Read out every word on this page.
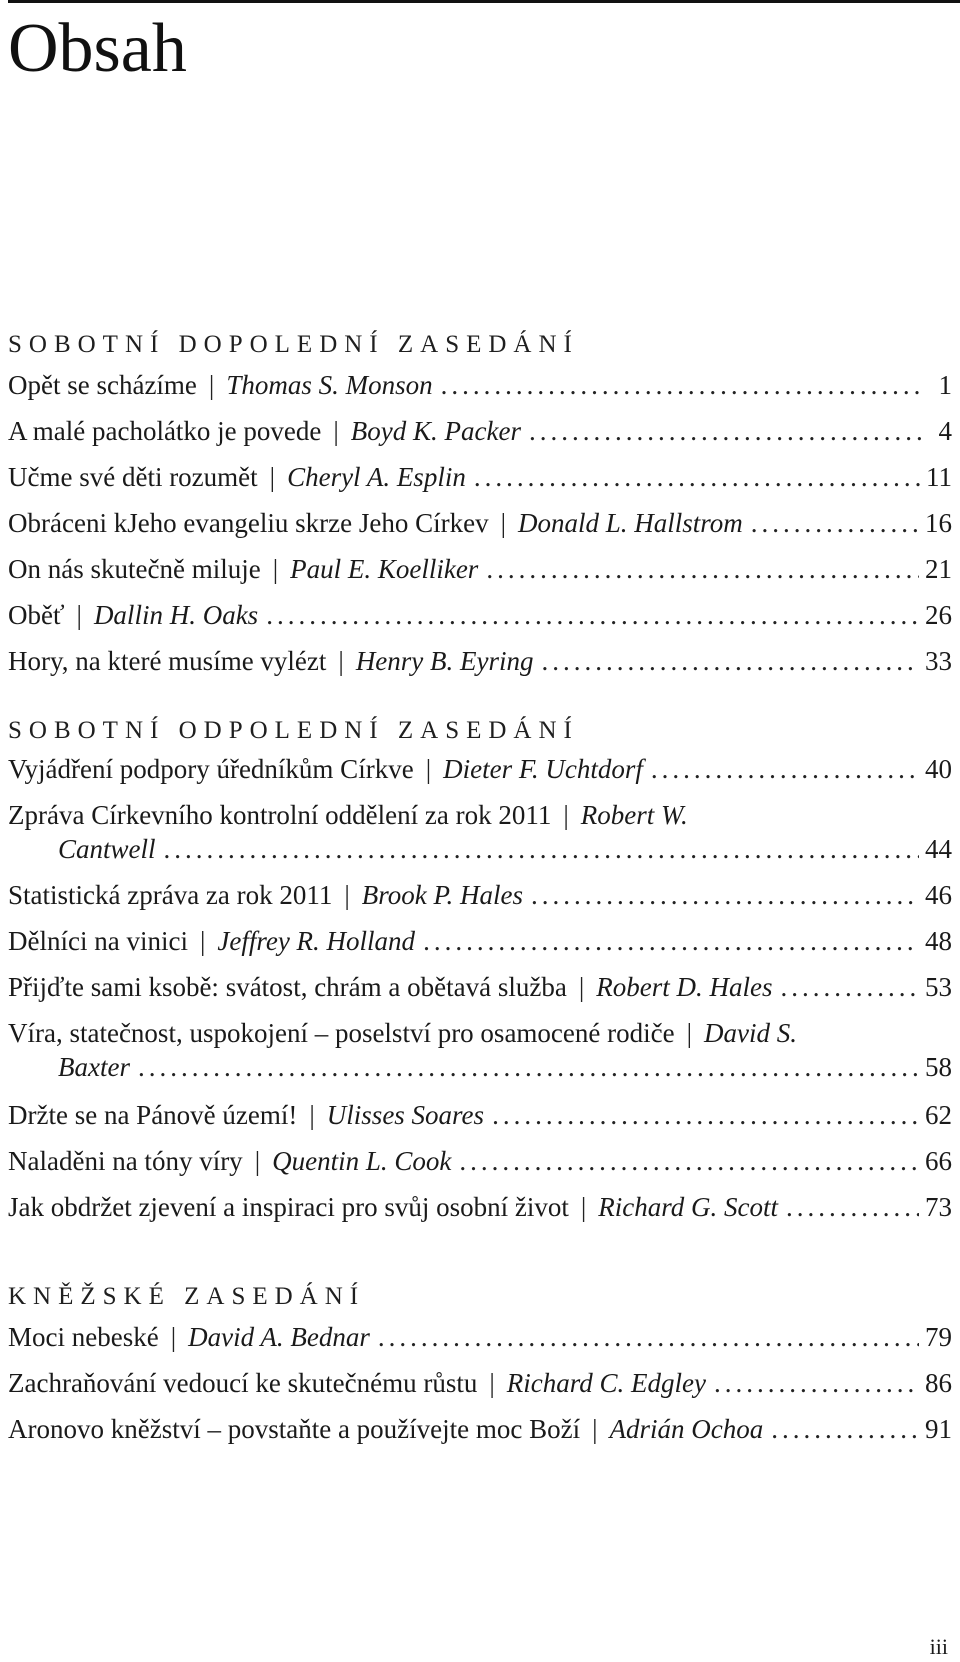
Obsah
SOBOTNÍ DOPOLEDNÍ ZASEDÁNÍ
Opět se scházíme | Thomas S. Monson .....	1
A malé pacholátko je povede | Boyd K. Packer .....	4
Učme své děti rozumět | Cheryl A. Esplin .....	11
Obráceni kJeho evangeliu skrze Jeho Církev | Donald L. Hallstrom .....	16
On nás skutečně miluje | Paul E. Koelliker .....	21
Oběť | Dallin H. Oaks .....	26
Hory, na které musíme vylézt | Henry B. Eyring .....	33
SOBOTNÍ ODPOLEDNÍ ZASEDÁNÍ
Vyjádření podpory úředníkům Církve | Dieter F. Uchtdorf .....	40
Zpráva Církevního kontrolní oddělení za rok 2011 | Robert W.
Cantwell .....	44
Statistická zpráva za rok 2011 | Brook P. Hales .....	46
Dělníci na vinici | Jeffrey R. Holland .....	48
Přijďte sami ksobě: svátost, chrám a obětavá služba | Robert D. Hales .....	53
Víra, statečnost, uspokojení – poselství pro osamocené rodiče | David S.
Baxter .....	58
Držte se na Pánově území! | Ulisses Soares .....	62
Naladěni na tóny víry | Quentin L. Cook .....	66
Jak obdržet zjevení a inspiraci pro svůj osobní život | Richard G. Scott .....	73
KNĚŽSKÉ ZASEDÁNÍ
Moci nebeské | David A. Bednar .....	79
Zachraňování vedoucí ke skutečnému růstu | Richard C. Edgley .....	86
Aronovo kněžství – povstaňte a používejte moc Boží | Adrián Ochoa .....	91
iii
